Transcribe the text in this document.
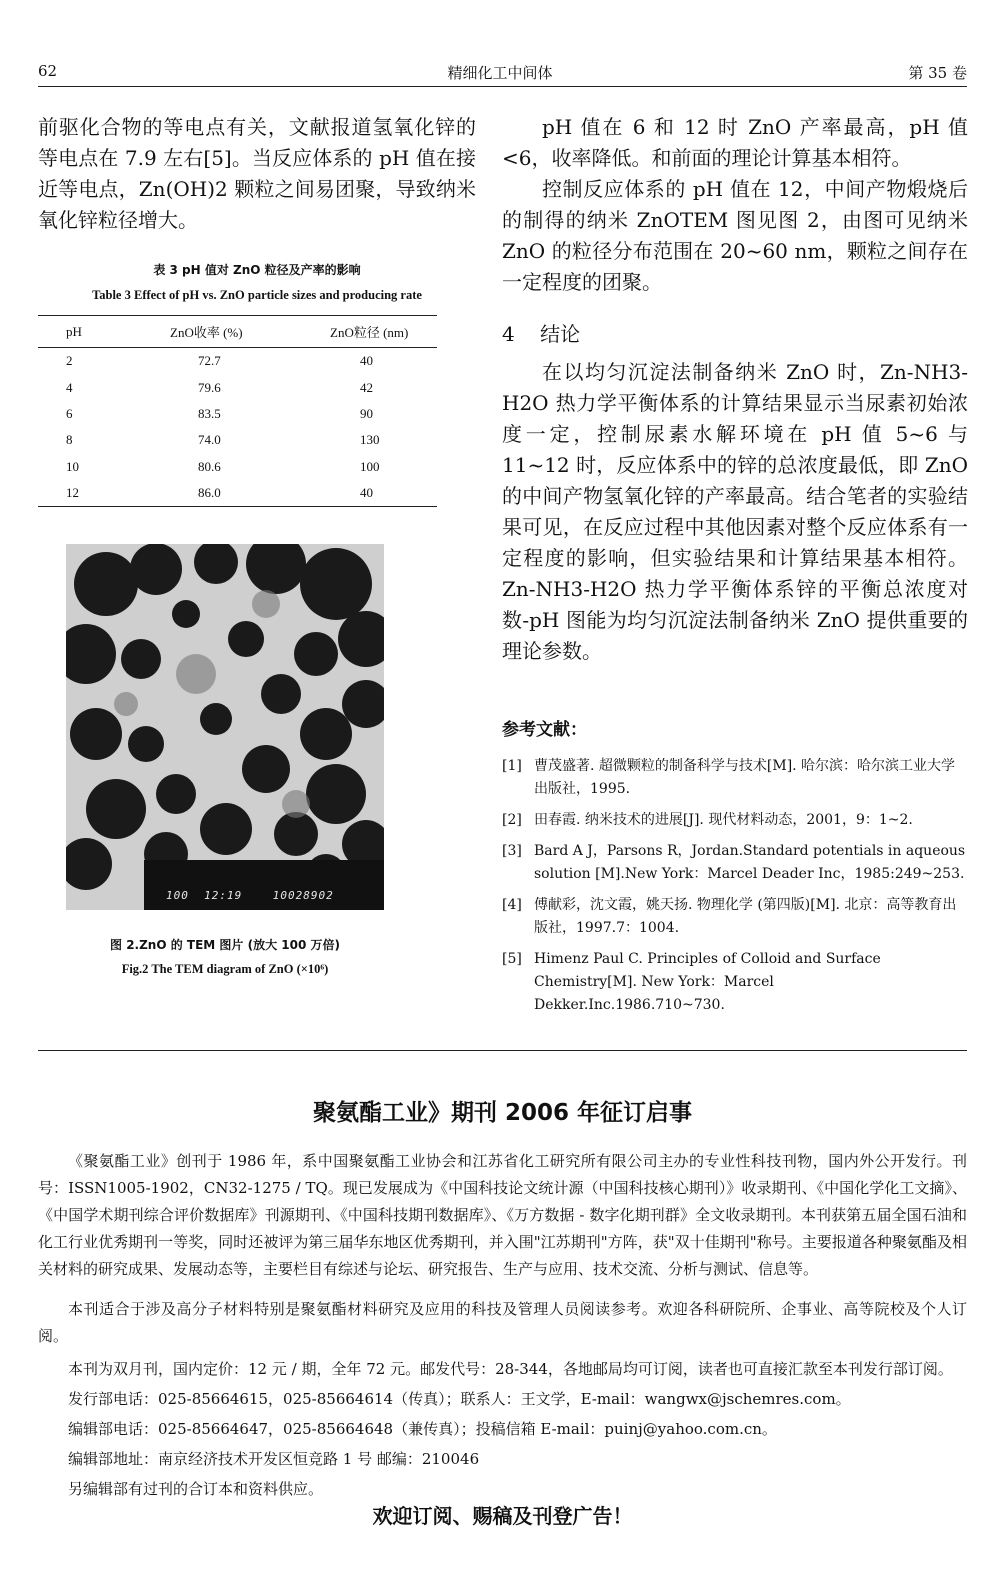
62	精细化工中间体	第 35 卷

前驱化合物的等电点有关，文献报道氢氧化锌的等电点在 7.9 左右[5]。当反应体系的 pH 值在接近等电点，Zn(OH)2 颗粒之间易团聚，导致纳米氧化锌粒径增大。

表 3 pH 值对 ZnO 粒径及产率的影响
Table 3 Effect of pH vs. ZnO particle sizes and producing rate
pH	ZnO收率 (%)	ZnO粒径 (nm)
2	72.7	40
4	79.6	42
6	83.5	90
8	74.0	130
10	80.6	100
12	86.0	40
100  12:19    10028902
图 2.ZnO 的 TEM 图片 (放大 100 万倍)
Fig.2 The TEM diagram of ZnO (×10⁶)

pH 值在 6 和 12 时 ZnO 产率最高，pH 值<6，收率降低。和前面的理论计算基本相符。

控制反应体系的 pH 值在 12，中间产物煅烧后的制得的纳米 ZnOTEM 图见图 2，由图可见纳米 ZnO 的粒径分布范围在 20~60 nm，颗粒之间存在一定程度的团聚。

4    结论

在以均匀沉淀法制备纳米 ZnO 时，Zn-NH3-H2O 热力学平衡体系的计算结果显示当尿素初始浓度一定，控制尿素水解环境在 pH 值 5~6 与 11~12 时，反应体系中的锌的总浓度最低，即 ZnO 的中间产物氢氧化锌的产率最高。结合笔者的实验结果可见，在反应过程中其他因素对整个反应体系有一定程度的影响，但实验结果和计算结果基本相符。Zn-NH3-H2O 热力学平衡体系锌的平衡总浓度对数-pH 图能为均匀沉淀法制备纳米 ZnO 提供重要的理论参数。

参考文献：

[1] 曹茂盛著. 超微颗粒的制备科学与技术[M]. 哈尔滨：哈尔滨工业大学出版社，1995.

[2] 田春霞. 纳米技术的进展[J]. 现代材料动态，2001，9：1~2.

[3] Bard A J，Parsons R，Jordan.Standard potentials in aqueous solution [M].New York：Marcel Deader Inc，1985:249~253.

[4] 傅献彩，沈文霞，姚天扬. 物理化学 (第四版)[M]. 北京：高等教育出版社，1997.7：1004.

[5] Himenz Paul C. Principles of Colloid and Surface Chemistry[M]. New York：Marcel Dekker.Inc.1986.710~730.

聚氨酯工业》期刊 2006 年征订启事

《聚氨酯工业》创刊于 1986 年，系中国聚氨酯工业协会和江苏省化工研究所有限公司主办的专业性科技刊物，国内外公开发行。刊号：ISSN1005-1902，CN32-1275 / TQ。现已发展成为《中国科技论文统计源（中国科技核心期刊）》收录期刊、《中国化学化工文摘》、《中国学术期刊综合评价数据库》刊源期刊、《中国科技期刊数据库》、《万方数据 - 数字化期刊群》全文收录期刊。本刊获第五届全国石油和化工行业优秀期刊一等奖，同时还被评为第三届华东地区优秀期刊，并入围"江苏期刊"方阵，获"双十佳期刊"称号。主要报道各种聚氨酯及相关材料的研究成果、发展动态等，主要栏目有综述与论坛、研究报告、生产与应用、技术交流、分析与测试、信息等。

本刊适合于涉及高分子材料特别是聚氨酯材料研究及应用的科技及管理人员阅读参考。欢迎各科研院所、企事业、高等院校及个人订阅。

本刊为双月刊，国内定价：12 元 / 期，全年 72 元。邮发代号：28-344，各地邮局均可订阅，读者也可直接汇款至本刊发行部订阅。

发行部电话：025-85664615，025-85664614（传真）；联系人：王文学，E-mail：wangwx@jschemres.com。

编辑部电话：025-85664647，025-85664648（兼传真）；投稿信箱 E-mail：puinj@yahoo.com.cn。

编辑部地址：南京经济技术开发区恒竞路 1 号 邮编：210046

另编辑部有过刊的合订本和资料供应。

欢迎订阅、赐稿及刊登广告！
